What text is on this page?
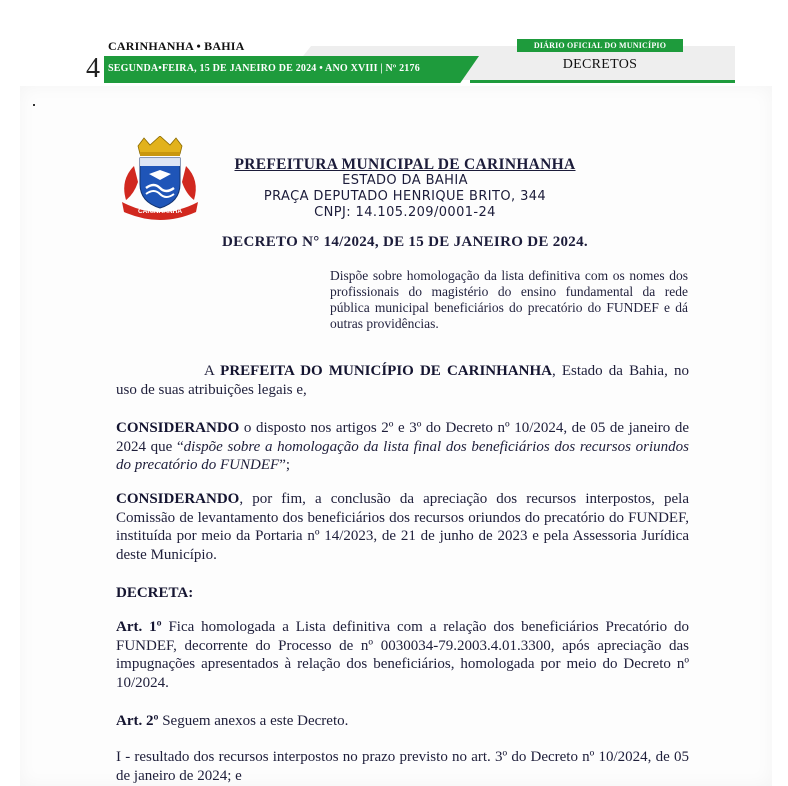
CARINHANHA • BAHIA
4 SEGUNDA•FEIRA, 15 DE JANEIRO DE 2024 • ANO XVIII | Nº 2176
DIÁRIO OFICIAL DO MUNICÍPIO
DECRETOS
CARINHANHA
PREFEITURA MUNICIPAL DE CARINHANHA
ESTADO DA BAHIA
PRAÇA DEPUTADO HENRIQUE BRITO, 344
CNPJ: 14.105.209/0001-24
DECRETO N° 14/2024, DE 15 DE JANEIRO DE 2024.
Dispõe sobre homologação da lista definitiva com os nomes dos profissionais do magistério do ensino fundamental da rede pública municipal beneficiários do precatório do FUNDEF e dá outras providências.
A PREFEITA DO MUNICÍPIO DE CARINHANHA, Estado da Bahia, no uso de suas atribuições legais e,
CONSIDERANDO o disposto nos artigos 2º e 3º do Decreto nº 10/2024, de 05 de janeiro de 2024 que “dispõe sobre a homologação da lista final dos beneficiários dos recursos oriundos do precatório do FUNDEF”;
CONSIDERANDO, por fim, a conclusão da apreciação dos recursos interpostos, pela Comissão de levantamento dos beneficiários dos recursos oriundos do precatório do FUNDEF, instituída por meio da Portaria nº 14/2023, de 21 de junho de 2023 e pela Assessoria Jurídica deste Município.
DECRETA:
Art. 1º Fica homologada a Lista definitiva com a relação dos beneficiários Precatório do FUNDEF, decorrente do Processo de nº 0030034-79.2003.4.01.3300, após apreciação das impugnações apresentados à relação dos beneficiários, homologada por meio do Decreto nº 10/2024.
Art. 2º Seguem anexos a este Decreto.
I - resultado dos recursos interpostos no prazo previsto no art. 3º do Decreto nº 10/2024, de 05 de janeiro de 2024; e
